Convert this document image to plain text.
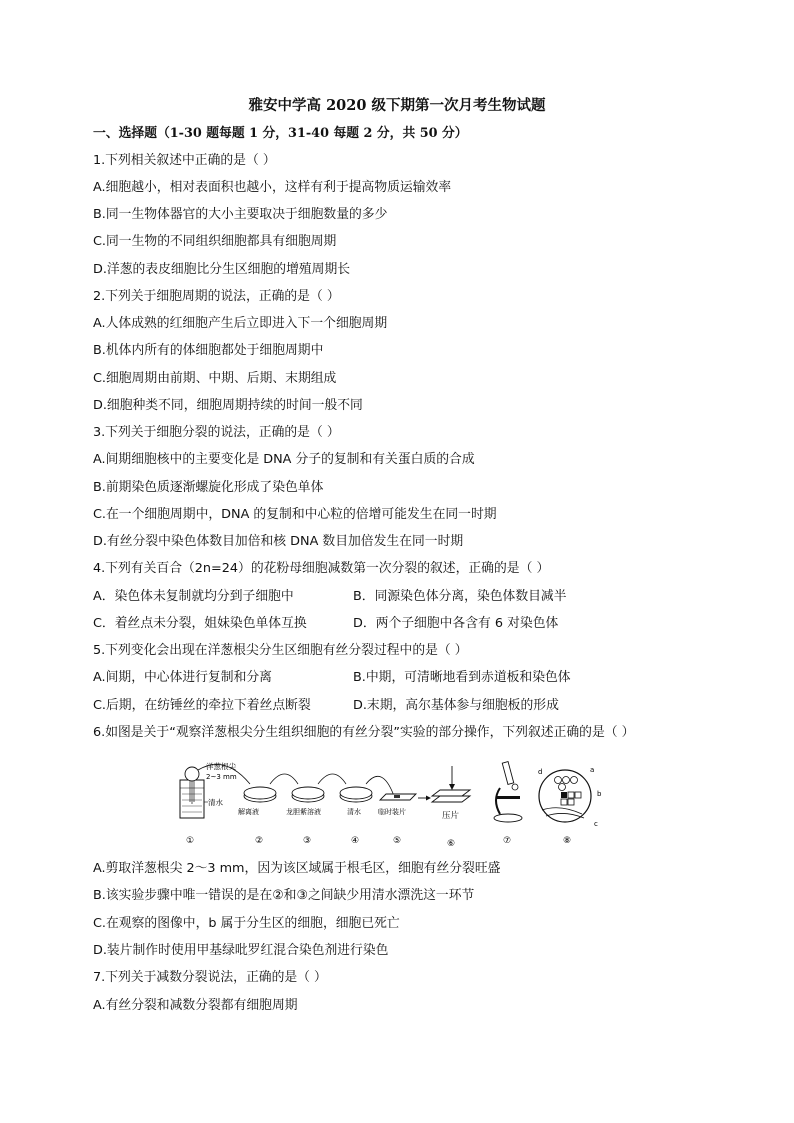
雅安中学高 2020 级下期第一次月考生物试题
一、选择题（1-30 题每题 1 分，31-40 每题 2 分，共 50 分）
1.下列相关叙述中正确的是（ ）
A.细胞越小，相对表面积也越小，这样有利于提高物质运输效率
B.同一生物体器官的大小主要取决于细胞数量的多少
C.同一生物的不同组织细胞都具有细胞周期
D.洋葱的表皮细胞比分生区细胞的增殖周期长
2.下列关于细胞周期的说法，正确的是（ ）
A.人体成熟的红细胞产生后立即进入下一个细胞周期
B.机体内所有的体细胞都处于细胞周期中
C.细胞周期由前期、中期、后期、末期组成
D.细胞种类不同，细胞周期持续的时间一般不同
3.下列关于细胞分裂的说法，正确的是（ ）
A.间期细胞核中的主要变化是 DNA 分子的复制和有关蛋白质的合成
B.前期染色质逐渐螺旋化形成了染色单体
C.在一个细胞周期中，DNA 的复制和中心粒的倍增可能发生在同一时期
D.有丝分裂中染色体数目加倍和核 DNA 数目加倍发生在同一时期
4.下列有关百合（2n=24）的花粉母细胞减数第一次分裂的叙述，正确的是（ ）
A．染色体未复制就均分到子细胞中	B．同源染色体分离，染色体数目减半
C．着丝点未分裂，姐妹染色单体互换	D．两个子细胞中各含有 6 对染色体
5.下列变化会出现在洋葱根尖分生区细胞有丝分裂过程中的是（ ）
A.间期，中心体进行复制和分离	B.中期，可清晰地看到赤道板和染色体
C.后期，在纺锤丝的牵拉下着丝点断裂	D.末期，高尔基体参与细胞板的形成
6.如图是关于“观察洋葱根尖分生组织细胞的有丝分裂”实验的部分操作，下列叙述正确的是（ ）
洋葱根尖
2~3 mm
清水
解离液	龙胆紫溶液	清水 临时装片	压片
d	a
b
c
①	②	③	④	⑤	⑥	⑦	⑧
A.剪取洋葱根尖 2～3 mm，因为该区域属于根毛区，细胞有丝分裂旺盛
B.该实验步骤中唯一错误的是在②和③之间缺少用清水漂洗这一环节
C.在观察的图像中，b 属于分生区的细胞，细胞已死亡
D.装片制作时使用甲基绿吡罗红混合染色剂进行染色
7.下列关于减数分裂说法，正确的是（ ）
A.有丝分裂和减数分裂都有细胞周期
